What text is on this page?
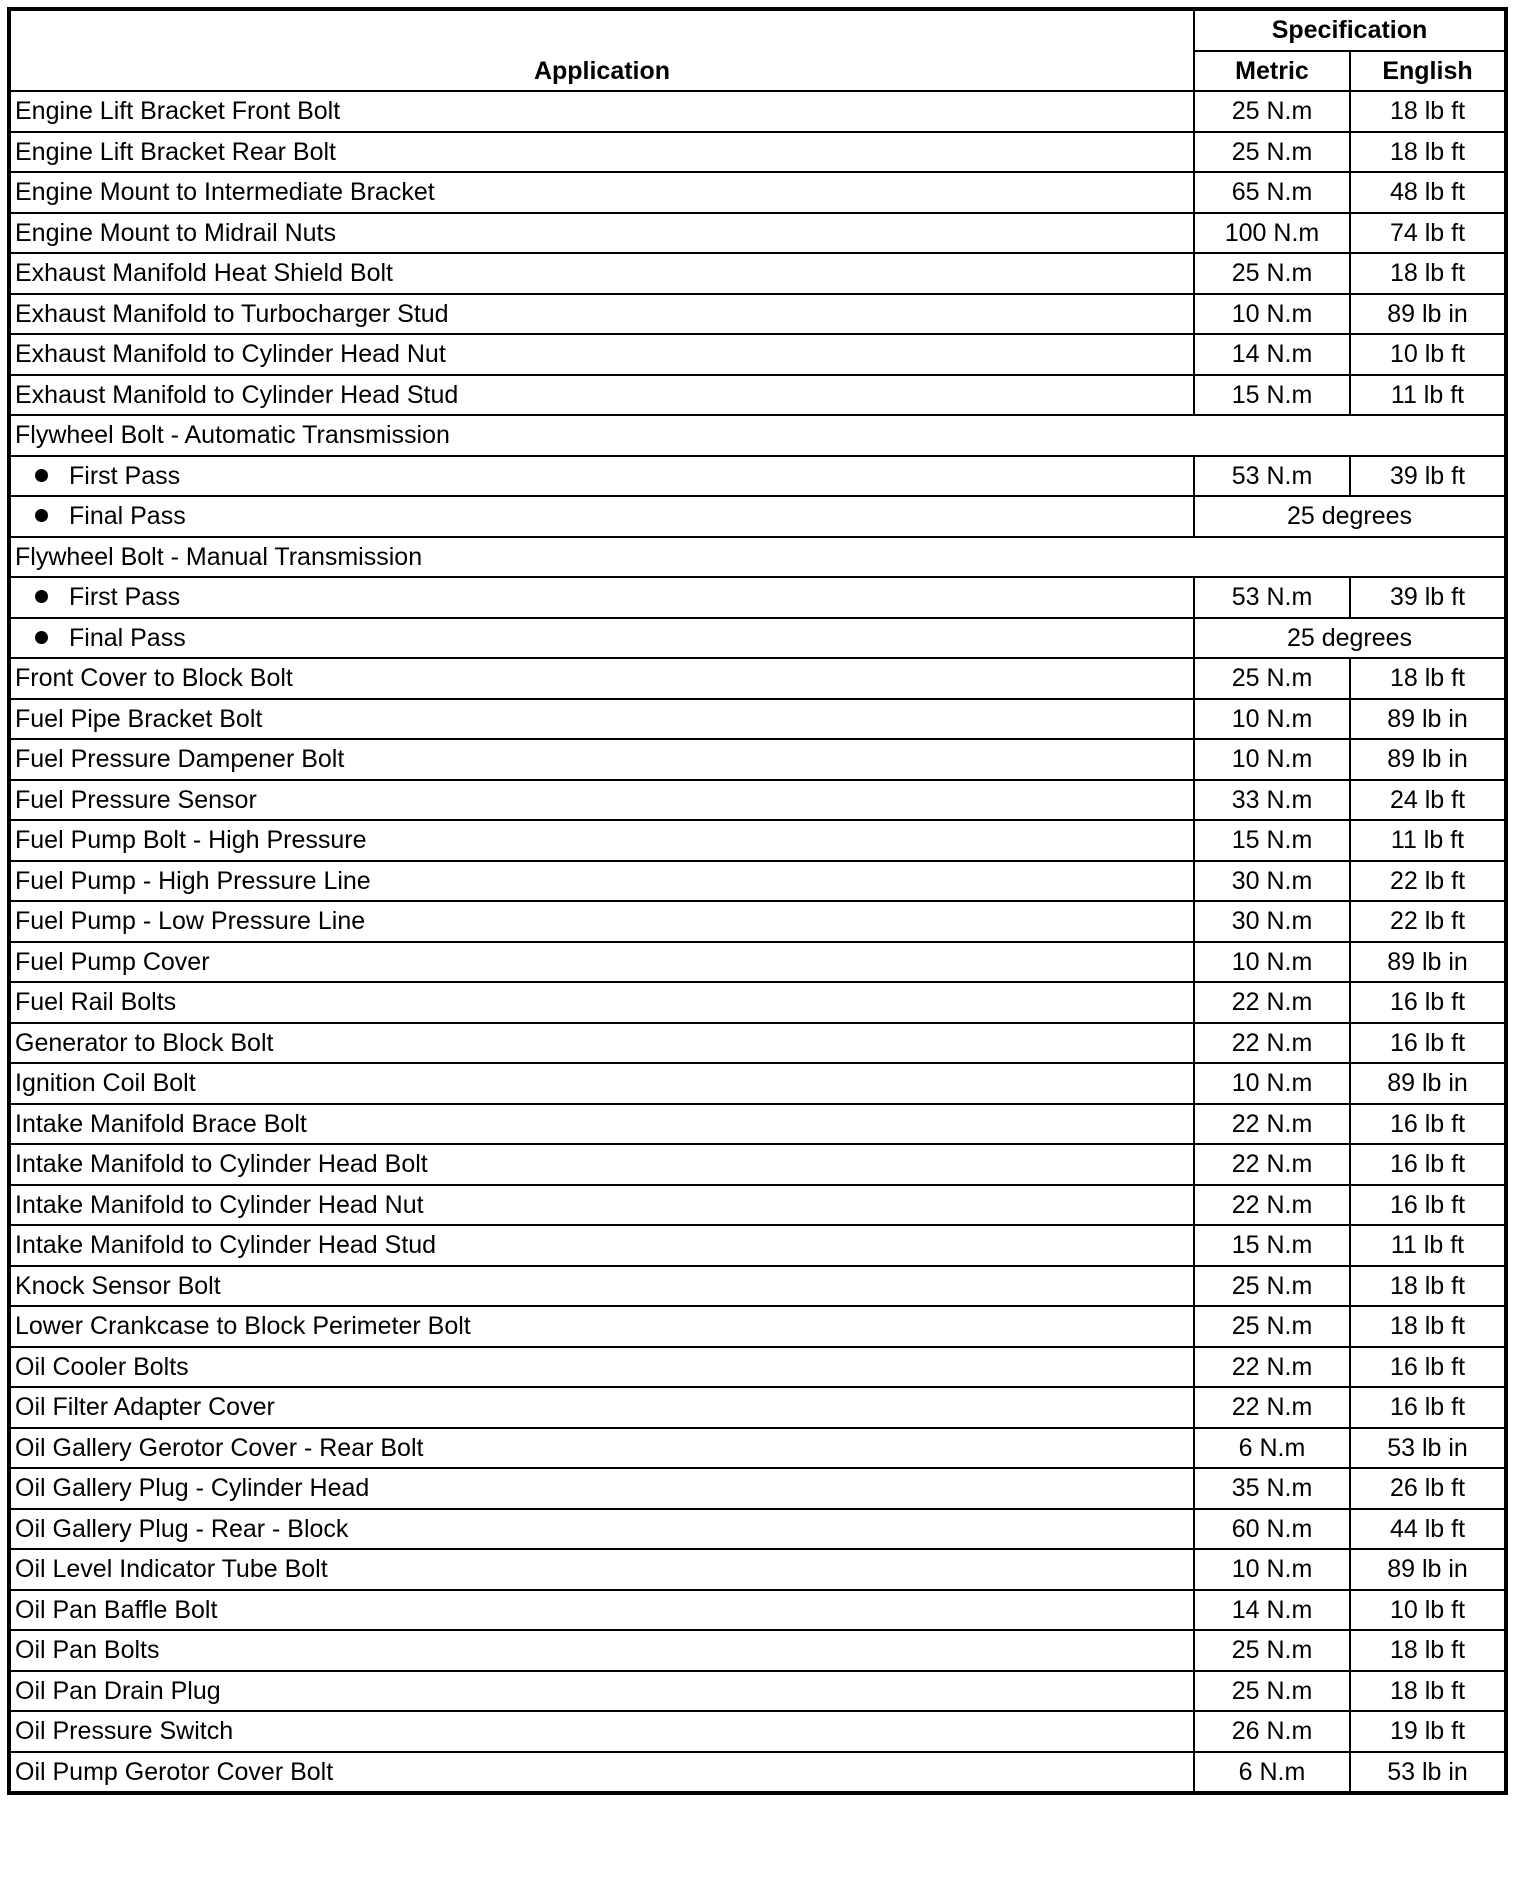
Application	Specification	
	Metric	English
Engine Lift Bracket Front Bolt	25 N.m	18 lb ft
Engine Lift Bracket Rear Bolt	25 N.m	18 lb ft
Engine Mount to Intermediate Bracket	65 N.m	48 lb ft
Engine Mount to Midrail Nuts	100 N.m	74 lb ft
Exhaust Manifold Heat Shield Bolt	25 N.m	18 lb ft
Exhaust Manifold to Turbocharger Stud	10 N.m	89 lb in
Exhaust Manifold to Cylinder Head Nut	14 N.m	10 lb ft
Exhaust Manifold to Cylinder Head Stud	15 N.m	11 lb ft
Flywheel Bolt - Automatic Transmission		
First Pass	53 N.m	39 lb ft
Final Pass	25 degrees	
Flywheel Bolt - Manual Transmission		
First Pass	53 N.m	39 lb ft
Final Pass	25 degrees	
Front Cover to Block Bolt	25 N.m	18 lb ft
Fuel Pipe Bracket Bolt	10 N.m	89 lb in
Fuel Pressure Dampener Bolt	10 N.m	89 lb in
Fuel Pressure Sensor	33 N.m	24 lb ft
Fuel Pump Bolt - High Pressure	15 N.m	11 lb ft
Fuel Pump - High Pressure Line	30 N.m	22 lb ft
Fuel Pump - Low Pressure Line	30 N.m	22 lb ft
Fuel Pump Cover	10 N.m	89 lb in
Fuel Rail Bolts	22 N.m	16 lb ft
Generator to Block Bolt	22 N.m	16 lb ft
Ignition Coil Bolt	10 N.m	89 lb in
Intake Manifold Brace Bolt	22 N.m	16 lb ft
Intake Manifold to Cylinder Head Bolt	22 N.m	16 lb ft
Intake Manifold to Cylinder Head Nut	22 N.m	16 lb ft
Intake Manifold to Cylinder Head Stud	15 N.m	11 lb ft
Knock Sensor Bolt	25 N.m	18 lb ft
Lower Crankcase to Block Perimeter Bolt	25 N.m	18 lb ft
Oil Cooler Bolts	22 N.m	16 lb ft
Oil Filter Adapter Cover	22 N.m	16 lb ft
Oil Gallery Gerotor Cover - Rear Bolt	6 N.m	53 lb in
Oil Gallery Plug - Cylinder Head	35 N.m	26 lb ft
Oil Gallery Plug - Rear - Block	60 N.m	44 lb ft
Oil Level Indicator Tube Bolt	10 N.m	89 lb in
Oil Pan Baffle Bolt	14 N.m	10 lb ft
Oil Pan Bolts	25 N.m	18 lb ft
Oil Pan Drain Plug	25 N.m	18 lb ft
Oil Pressure Switch	26 N.m	19 lb ft
Oil Pump Gerotor Cover Bolt	6 N.m	53 lb in
